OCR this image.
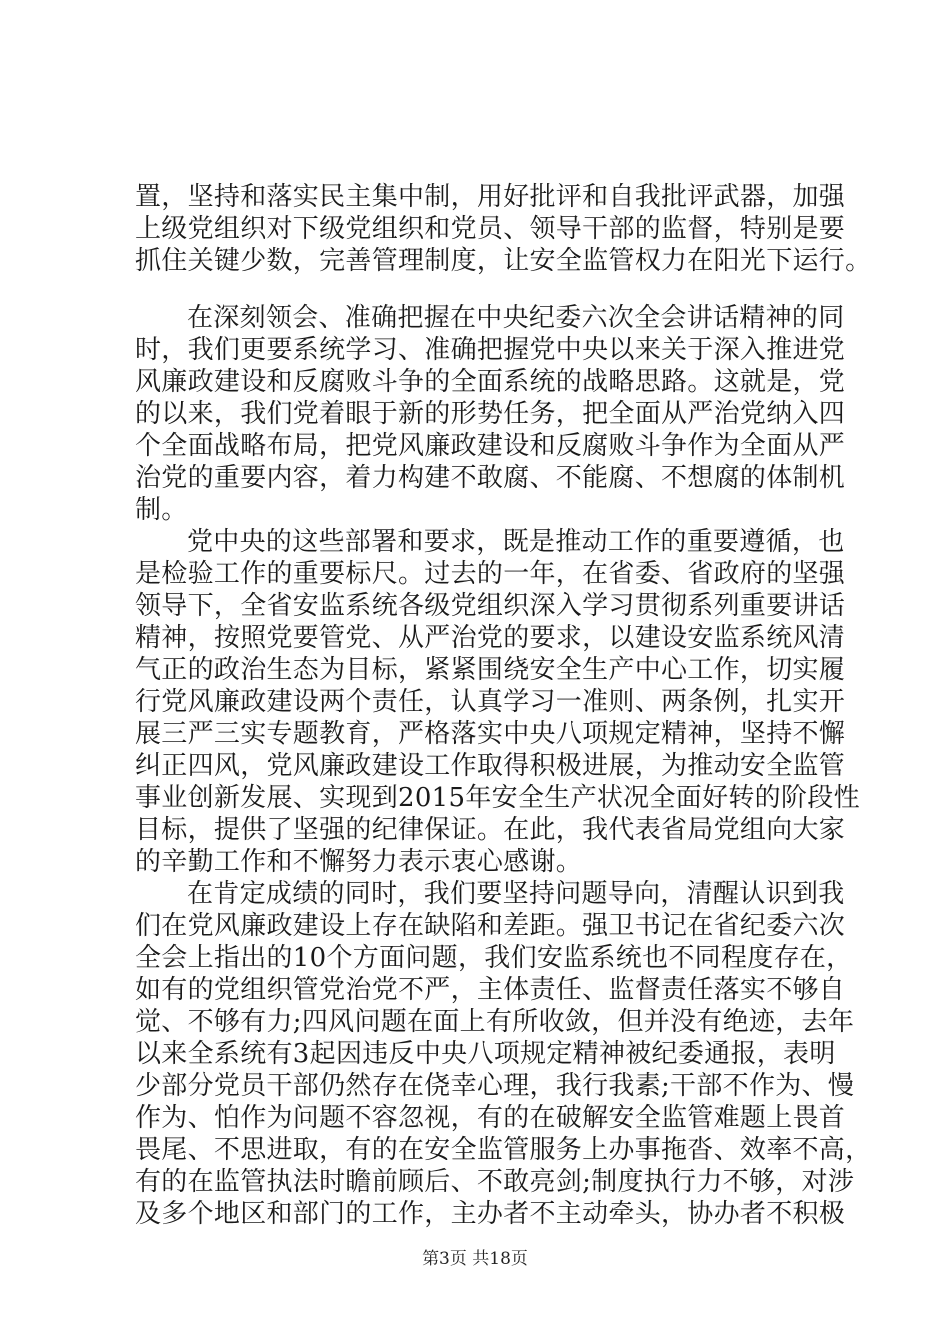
置，坚持和落实民主集中制，用好批评和自我批评武器，加强
上级党组织对下级党组织和党员、领导干部的监督，特别是要
抓住关键少数，完善管理制度，让安全监管权力在阳光下运行。
在深刻领会、准确把握在中央纪委六次全会讲话精神的同
时，我们更要系统学习、准确把握党中央以来关于深入推进党
风廉政建设和反腐败斗争的全面系统的战略思路。这就是，党
的以来，我们党着眼于新的形势任务，把全面从严治党纳入四
个全面战略布局，把党风廉政建设和反腐败斗争作为全面从严
治党的重要内容，着力构建不敢腐、不能腐、不想腐的体制机
制。
党中央的这些部署和要求，既是推动工作的重要遵循，也
是检验工作的重要标尺。过去的一年，在省委、省政府的坚强
领导下，全省安监系统各级党组织深入学习贯彻系列重要讲话
精神，按照党要管党、从严治党的要求，以建设安监系统风清
气正的政治生态为目标，紧紧围绕安全生产中心工作，切实履
行党风廉政建设两个责任，认真学习一准则、两条例，扎实开
展三严三实专题教育，严格落实中央八项规定精神，坚持不懈
纠正四风，党风廉政建设工作取得积极进展，为推动安全监管
事业创新发展、实现到2015年安全生产状况全面好转的阶段性
目标，提供了坚强的纪律保证。在此，我代表省局党组向大家
的辛勤工作和不懈努力表示衷心感谢。
在肯定成绩的同时，我们要坚持问题导向，清醒认识到我
们在党风廉政建设上存在缺陷和差距。强卫书记在省纪委六次
全会上指出的10个方面问题，我们安监系统也不同程度存在，
如有的党组织管党治党不严，主体责任、监督责任落实不够自
觉、不够有力;四风问题在面上有所收敛，但并没有绝迹，去年
以来全系统有3起因违反中央八项规定精神被纪委通报，表明
少部分党员干部仍然存在侥幸心理，我行我素;干部不作为、慢
作为、怕作为问题不容忽视，有的在破解安全监管难题上畏首
畏尾、不思进取，有的在安全监管服务上办事拖沓、效率不高，
有的在监管执法时瞻前顾后、不敢亮剑;制度执行力不够，对涉
及多个地区和部门的工作，主办者不主动牵头，协办者不积极
第3页 共18页
